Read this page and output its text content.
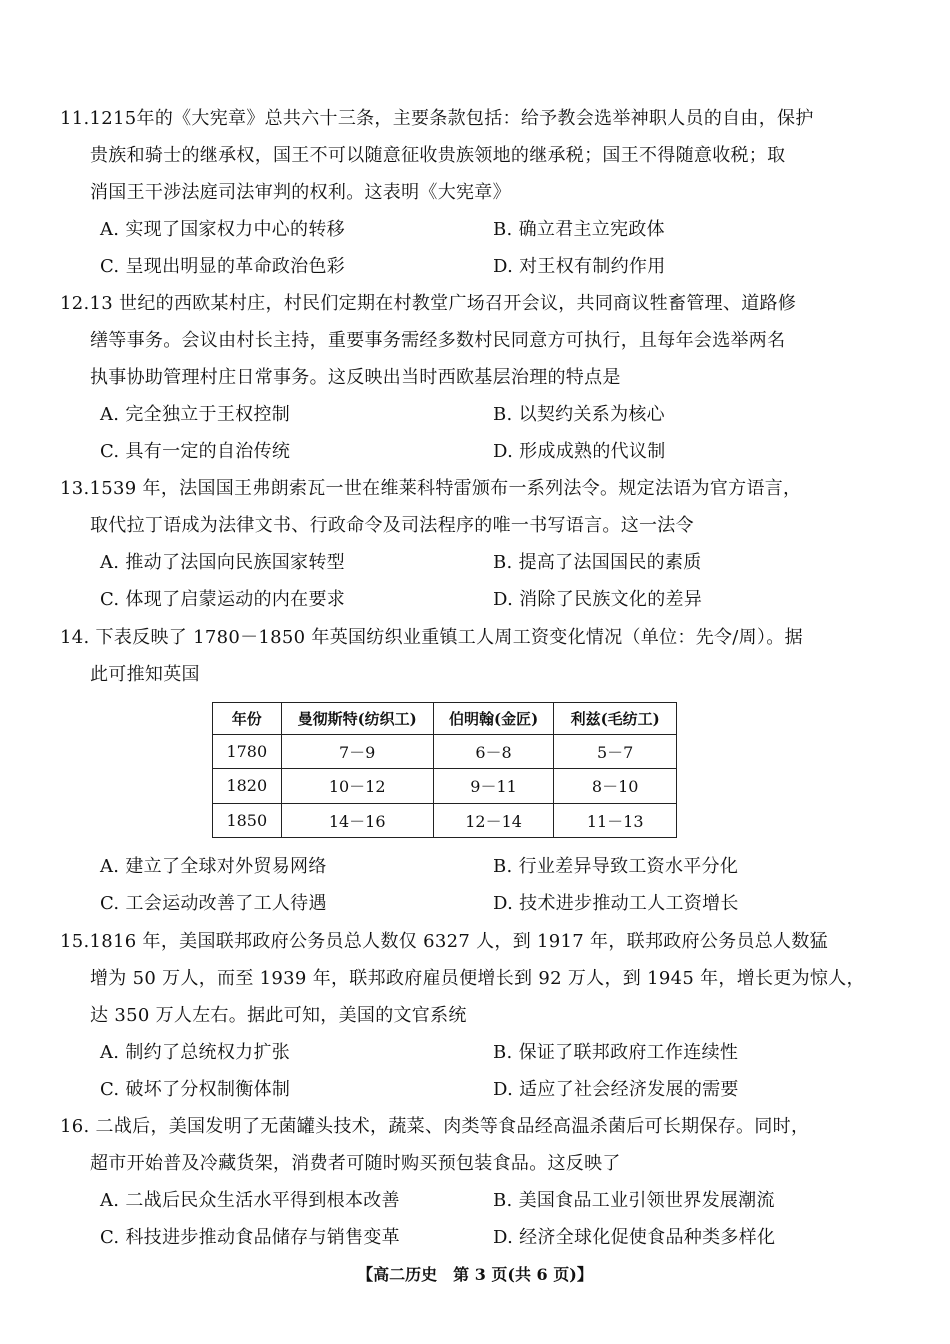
11.1215年的《大宪章》总共六十三条，主要条款包括：给予教会选举神职人员的自由，保护
贵族和骑士的继承权，国王不可以随意征收贵族领地的继承税；国王不得随意收税；取
消国王干涉法庭司法审判的权利。这表明《大宪章》
A. 实现了国家权力中心的转移	B. 确立君主立宪政体
C. 呈现出明显的革命政治色彩	D. 对王权有制约作用
12.13 世纪的西欧某村庄，村民们定期在村教堂广场召开会议，共同商议牲畜管理、道路修
缮等事务。会议由村长主持，重要事务需经多数村民同意方可执行，且每年会选举两名
执事协助管理村庄日常事务。这反映出当时西欧基层治理的特点是
A. 完全独立于王权控制	B. 以契约关系为核心
C. 具有一定的自治传统	D. 形成成熟的代议制
13.1539 年，法国国王弗朗索瓦一世在维莱科特雷颁布一系列法令。规定法语为官方语言，
取代拉丁语成为法律文书、行政命令及司法程序的唯一书写语言。这一法令
A. 推动了法国向民族国家转型	B. 提高了法国国民的素质
C. 体现了启蒙运动的内在要求	D. 消除了民族文化的差异
14. 下表反映了 1780－1850 年英国纺织业重镇工人周工资变化情况（单位：先令/周）。据
此可推知英国
年份	曼彻斯特(纺织工)	伯明翰(金匠)	利兹(毛纺工)
1780	7－9	6－8	5－7
1820	10－12	9－11	8－10
1850	14－16	12－14	11－13
A. 建立了全球对外贸易网络	B. 行业差异导致工资水平分化
C. 工会运动改善了工人待遇	D. 技术进步推动工人工资增长
15.1816 年，美国联邦政府公务员总人数仅 6327 人，到 1917 年，联邦政府公务员总人数猛
增为 50 万人，而至 1939 年，联邦政府雇员便增长到 92 万人，到 1945 年，增长更为惊人，
达 350 万人左右。据此可知，美国的文官系统
A. 制约了总统权力扩张	B. 保证了联邦政府工作连续性
C. 破坏了分权制衡体制	D. 适应了社会经济发展的需要
16. 二战后，美国发明了无菌罐头技术，蔬菜、肉类等食品经高温杀菌后可长期保存。同时，
超市开始普及冷藏货架，消费者可随时购买预包装食品。这反映了
A. 二战后民众生活水平得到根本改善	B. 美国食品工业引领世界发展潮流
C. 科技进步推动食品储存与销售变革	D. 经济全球化促使食品种类多样化
【高二历史　第 3 页(共 6 页)】
